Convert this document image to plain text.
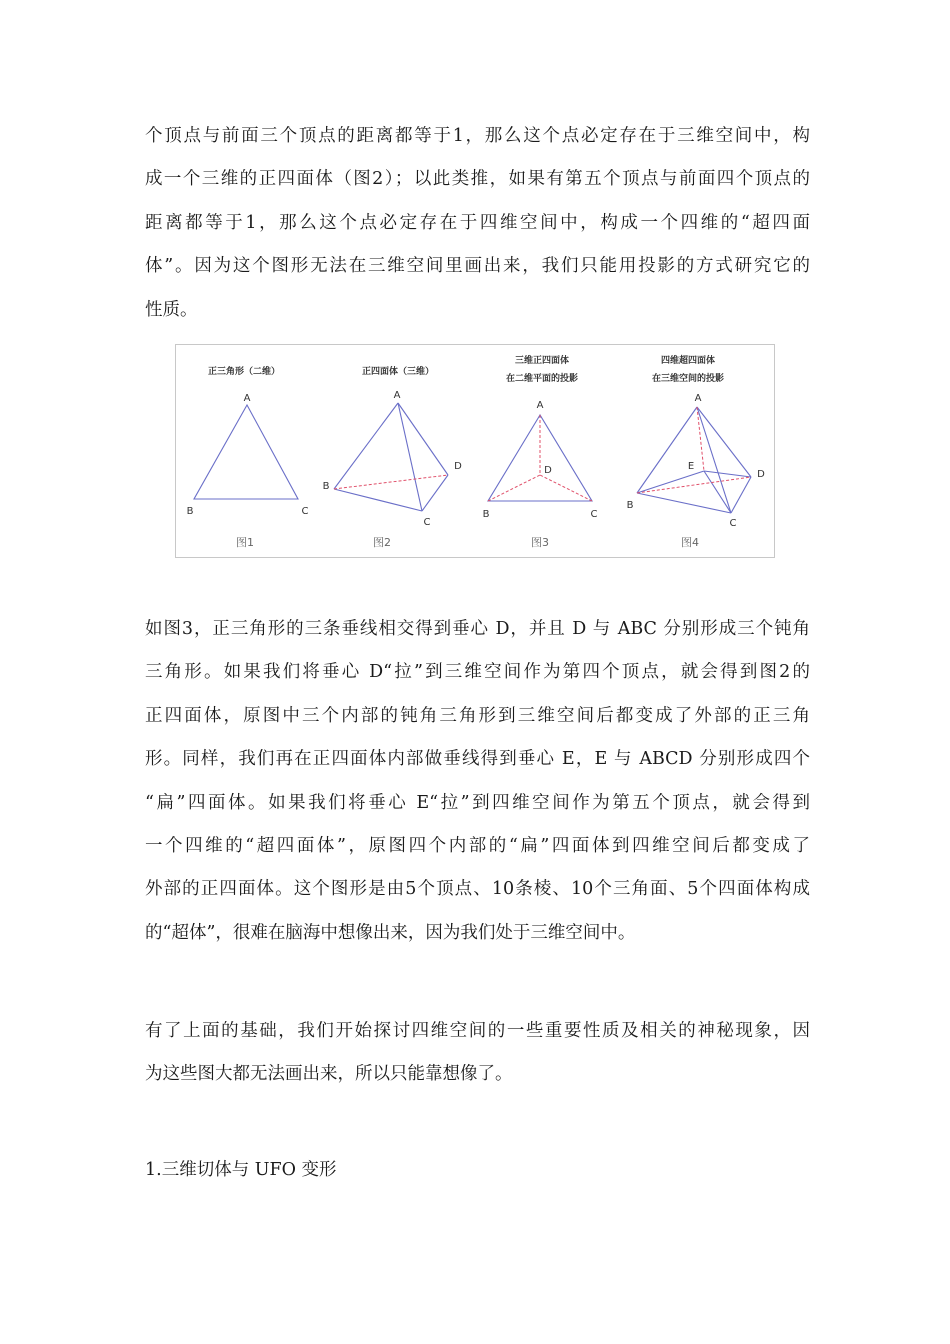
个顶点与前面三个顶点的距离都等于1，那么这个点必定存在于三维空间中，构
成一个三维的正四面体（图2）；以此类推，如果有第五个顶点与前面四个顶点的
距离都等于1，那么这个点必定存在于四维空间中，构成一个四维的“超四面
体”。因为这个图形无法在三维空间里画出来，我们只能用投影的方式研究它的
性质。
正三角形（二维）
A
B	C
图1
正四面体（三维）
A
B
C
D
图2
三维正四面体
在二维平面的投影
A
B	C
D
图3
四维超四面体
在三维空间的投影
A
B
C
D
E
图4
如图3，正三角形的三条垂线相交得到垂心 D，并且 D 与 ABC 分别形成三个钝角
三角形。如果我们将垂心 D“拉”到三维空间作为第四个顶点，就会得到图2的
正四面体，原图中三个内部的钝角三角形到三维空间后都变成了外部的正三角
形。同样，我们再在正四面体内部做垂线得到垂心 E，E 与 ABCD 分别形成四个
“扁”四面体。如果我们将垂心 E“拉”到四维空间作为第五个顶点，就会得到
一个四维的“超四面体”，原图四个内部的“扁”四面体到四维空间后都变成了
外部的正四面体。这个图形是由5个顶点、10条棱、10个三角面、5个四面体构成
的“超体”，很难在脑海中想像出来，因为我们处于三维空间中。
有了上面的基础，我们开始探讨四维空间的一些重要性质及相关的神秘现象，因
为这些图大都无法画出来，所以只能靠想像了。
1.三维切体与 UFO 变形
